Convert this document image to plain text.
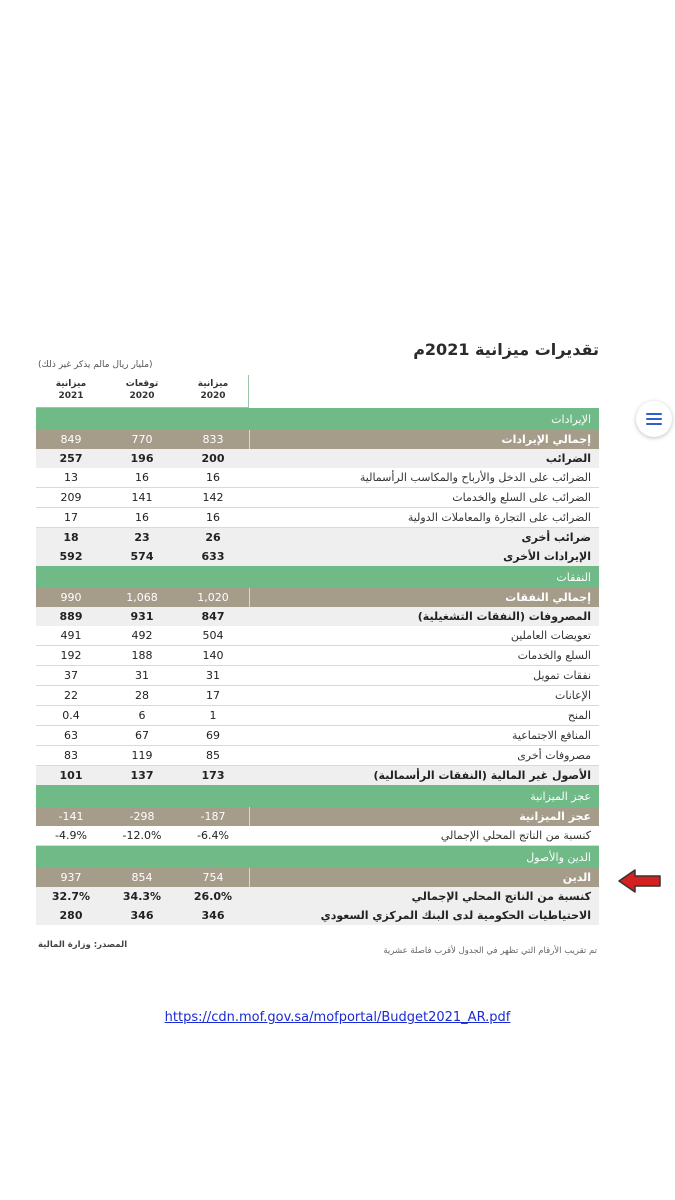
تقديرات ميزانية 2021م
(مليار ريال مالم يذكر غير ذلك)
ميزانية
2020
توقعات
2020
ميزانية
2021
الإيرادات
إجمالي الإيرادات
833
770
849
الضرائب
200
196
257
الضرائب على الدخل والأرباح والمكاسب الرأسمالية
16
16
13
الضرائب على السلع والخدمات
142
141
209
الضرائب على التجارة والمعاملات الدولية
16
16
17
ضرائب أخرى
26
23
18
الإيرادات الأخرى
633
574
592
النفقات
إجمالي النفقات
1,020
1,068
990
المصروفات (النفقات التشغيلية)
847
931
889
تعويضات العاملين
504
492
491
السلع والخدمات
140
188
192
نفقات تمويل
31
31
37
الإعانات
17
28
22
المنح
1
6
0.4
المنافع الاجتماعية
69
67
63
مصروفات أخرى
85
119
83
الأصول غير المالية (النفقات الرأسمالية)
173
137
101
عجز الميزانية
عجز الميزانية
-187
-298
-141
كنسبة من الناتج المحلي الإجمالي
-6.4%
-12.0%
-4.9%
الدين والأصول
الدين
754
854
937
كنسبة من الناتج المحلي الإجمالي
26.0%
34.3%
32.7%
الاحتياطيات الحكومية لدى البنك المركزي السعودي
346
346
280
تم تقريب الأرقام التي تظهر في الجدول لأقرب فاصلة عشرية
المصدر: وزارة المالية
https://cdn.mof.gov.sa/mofportal/Budget2021_AR.pdf
